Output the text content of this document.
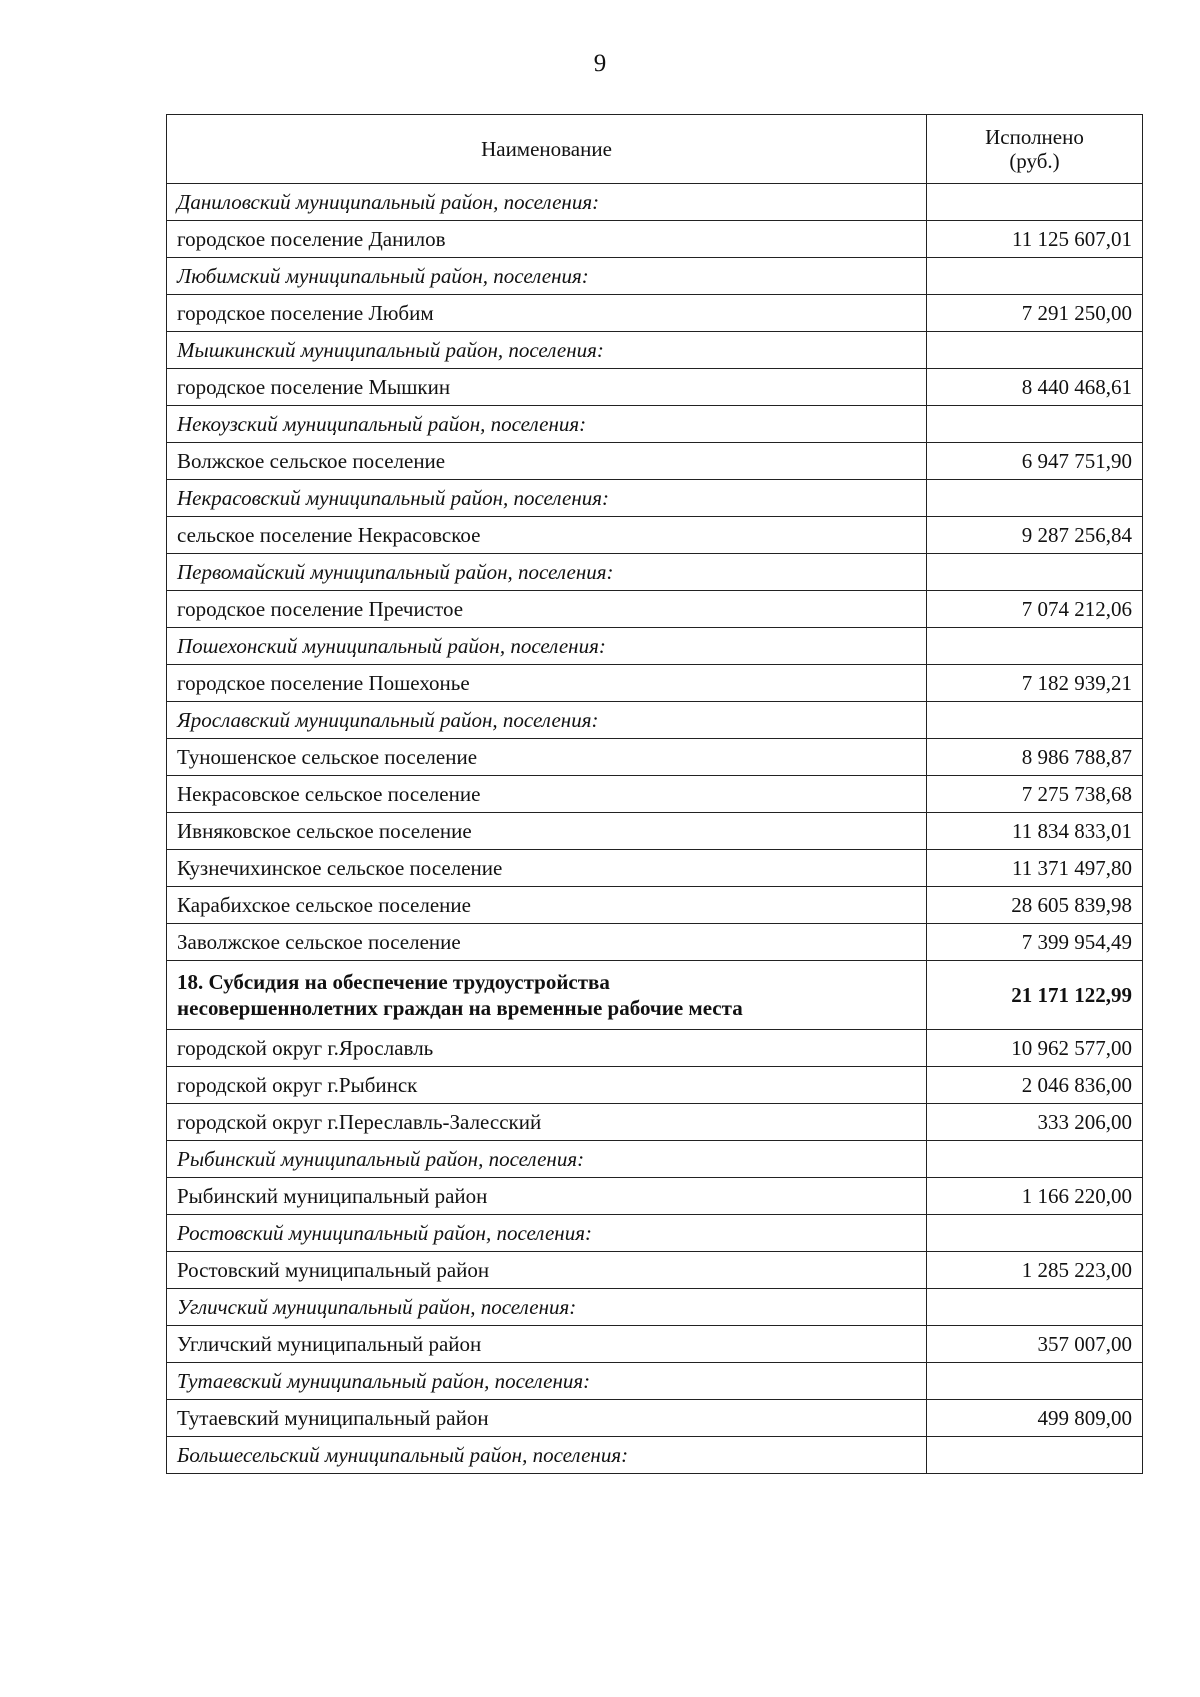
9
Наименование	Исполнено
(руб.)

Даниловский муниципальный район, поселения:	
городское поселение Данилов	11 125 607,01
Любимский муниципальный район, поселения:	
городское поселение Любим	7 291 250,00
Мышкинский муниципальный район, поселения:	
городское поселение Мышкин	8 440 468,61
Некоузский муниципальный район, поселения:	
Волжское сельское поселение	6 947 751,90
Некрасовский муниципальный район, поселения:	
сельское поселение Некрасовское	9 287 256,84
Первомайский муниципальный район, поселения:	
городское поселение Пречистое	7 074 212,06
Пошехонский муниципальный район, поселения:	
городское поселение Пошехонье	7 182 939,21
Ярославский муниципальный район, поселения:	
Туношенское сельское поселение	8 986 788,87
Некрасовское сельское поселение	7 275 738,68
Ивняковское сельское поселение	11 834 833,01
Кузнечихинское сельское поселение	11 371 497,80
Карабихское сельское поселение	28 605 839,98
Заволжское сельское поселение	7 399 954,49

18. Субсидия на обеспечение трудоустройства
несовершеннолетних граждан на временные рабочие места	21 171 122,99
городской округ г.Ярославль	10 962 577,00
городской округ г.Рыбинск	2 046 836,00
городской округ г.Переславль-Залесский	333 206,00
Рыбинский муниципальный район, поселения:	
Рыбинский муниципальный район	1 166 220,00
Ростовский муниципальный район, поселения:	
Ростовский муниципальный район	1 285 223,00
Угличский муниципальный район, поселения:	
Угличский муниципальный район	357 007,00
Тутаевский муниципальный район, поселения:	
Тутаевский муниципальный район	499 809,00
Большесельский муниципальный район, поселения:	
